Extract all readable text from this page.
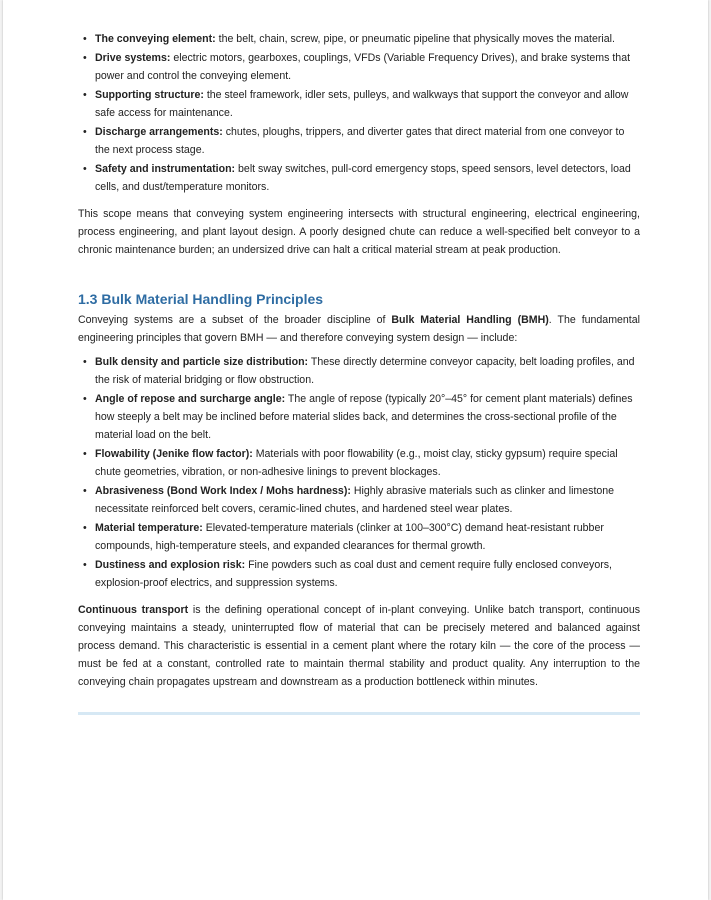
• The conveying element: the belt, chain, screw, pipe, or pneumatic pipeline that physically moves the material.
• Drive systems: electric motors, gearboxes, couplings, VFDs (Variable Frequency Drives), and brake systems that power and control the conveying element.
• Supporting structure: the steel framework, idler sets, pulleys, and walkways that support the conveyor and allow safe access for maintenance.
• Discharge arrangements: chutes, ploughs, trippers, and diverter gates that direct material from one conveyor to the next process stage.
• Safety and instrumentation: belt sway switches, pull-cord emergency stops, speed sensors, level detectors, load cells, and dust/temperature monitors.

This scope means that conveying system engineering intersects with structural engineering, electrical engineering, process engineering, and plant layout design. A poorly designed chute can reduce a well-specified belt conveyor to a chronic maintenance burden; an undersized drive can halt a critical material stream at peak production.

1.3 Bulk Material Handling Principles

Conveying systems are a subset of the broader discipline of Bulk Material Handling (BMH). The fundamental engineering principles that govern BMH — and therefore conveying system design — include:

• Bulk density and particle size distribution: These directly determine conveyor capacity, belt loading profiles, and the risk of material bridging or flow obstruction.
• Angle of repose and surcharge angle: The angle of repose (typically 20°–45° for cement plant materials) defines how steeply a belt may be inclined before material slides back, and determines the cross-sectional profile of the material load on the belt.
• Flowability (Jenike flow factor): Materials with poor flowability (e.g., moist clay, sticky gypsum) require special chute geometries, vibration, or non-adhesive linings to prevent blockages.
• Abrasiveness (Bond Work Index / Mohs hardness): Highly abrasive materials such as clinker and limestone necessitate reinforced belt covers, ceramic-lined chutes, and hardened steel wear plates.
• Material temperature: Elevated-temperature materials (clinker at 100–300°C) demand heat-resistant rubber compounds, high-temperature steels, and expanded clearances for thermal growth.
• Dustiness and explosion risk: Fine powders such as coal dust and cement require fully enclosed conveyors, explosion-proof electrics, and suppression systems.

Continuous transport is the defining operational concept of in-plant conveying. Unlike batch transport, continuous conveying maintains a steady, uninterrupted flow of material that can be precisely metered and balanced against process demand. This characteristic is essential in a cement plant where the rotary kiln — the core of the process — must be fed at a constant, controlled rate to maintain thermal stability and product quality. Any interruption to the conveying chain propagates upstream and downstream as a production bottleneck within minutes.
